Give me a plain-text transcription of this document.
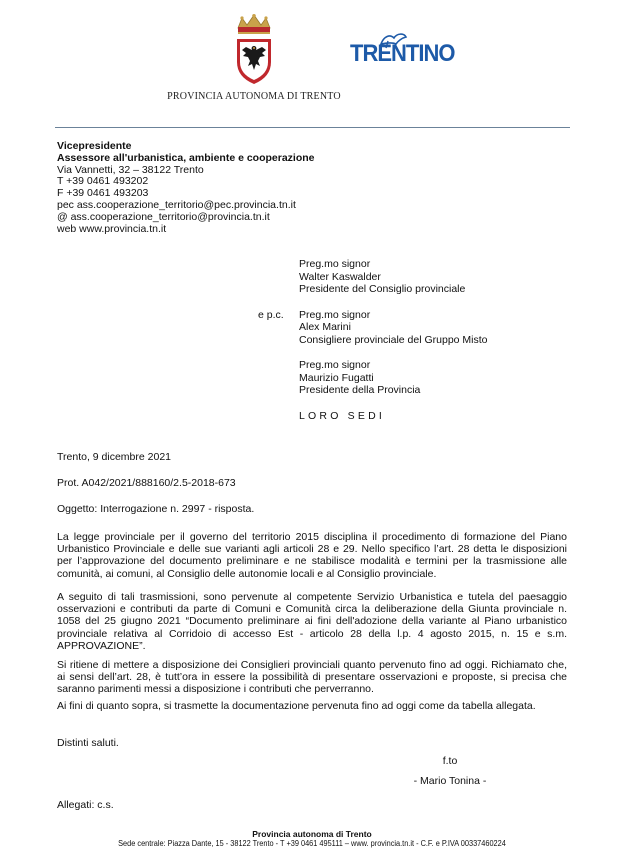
PROVINCIA AUTONOMA DI TRENTO
TRENTINO
Vicepresidente
Assessore all'urbanistica, ambiente e cooperazione
Via Vannetti, 32 – 38122 Trento
T +39 0461 493202
F +39 0461 493203
pec ass.cooperazione_territorio@pec.provincia.tn.it
@ ass.cooperazione_territorio@provincia.tn.it
web www.provincia.tn.it
Preg.mo signor
Walter Kaswalder
Presidente del Consiglio provinciale
e p.c. Preg.mo signor
Alex Marini
Consigliere provinciale del Gruppo Misto
Preg.mo signor
Maurizio Fugatti
Presidente della Provincia
LORO SEDI
Trento, 9 dicembre 2021
Prot. A042/2021/888160/2.5-2018-673
Oggetto: Interrogazione n. 2997 - risposta.
La legge provinciale per il governo del territorio 2015 disciplina il procedimento di formazione del Piano Urbanistico Provinciale e delle sue varianti agli articoli 28 e 29. Nello specifico l’art. 28 detta le disposizioni per l’approvazione del documento preliminare e ne stabilisce modalità e termini per la trasmissione alle comunità, ai comuni, al Consiglio delle autonomie locali e al Consiglio provinciale.
A seguito di tali trasmissioni, sono pervenute al competente Servizio Urbanistica e tutela del paesaggio osservazioni e contributi da parte di Comuni e Comunità circa la deliberazione della Giunta provinciale n. 1058 del 25 giugno 2021 “Documento preliminare ai fini dell'adozione della variante al Piano urbanistico provinciale relativa al Corridoio di accesso Est - articolo 28 della l.p. 4 agosto 2015, n. 15 e s.m. APPROVAZIONE”.
Si ritiene di mettere a disposizione dei Consiglieri provinciali quanto pervenuto fino ad oggi. Richiamato che, ai sensi dell’art. 28, è tutt’ora in essere la possibilità di presentare osservazioni e proposte, si precisa che saranno parimenti messi a disposizione i contributi che perverranno.
Ai fini di quanto sopra, si trasmette la documentazione pervenuta fino ad oggi come da tabella allegata.
Distinti saluti.
f.to
- Mario Tonina -
Allegati: c.s.
Provincia autonoma di Trento
Sede centrale: Piazza Dante, 15 - 38122 Trento - T +39 0461 495111 – www. provincia.tn.it - C.F. e P.IVA 00337460224
